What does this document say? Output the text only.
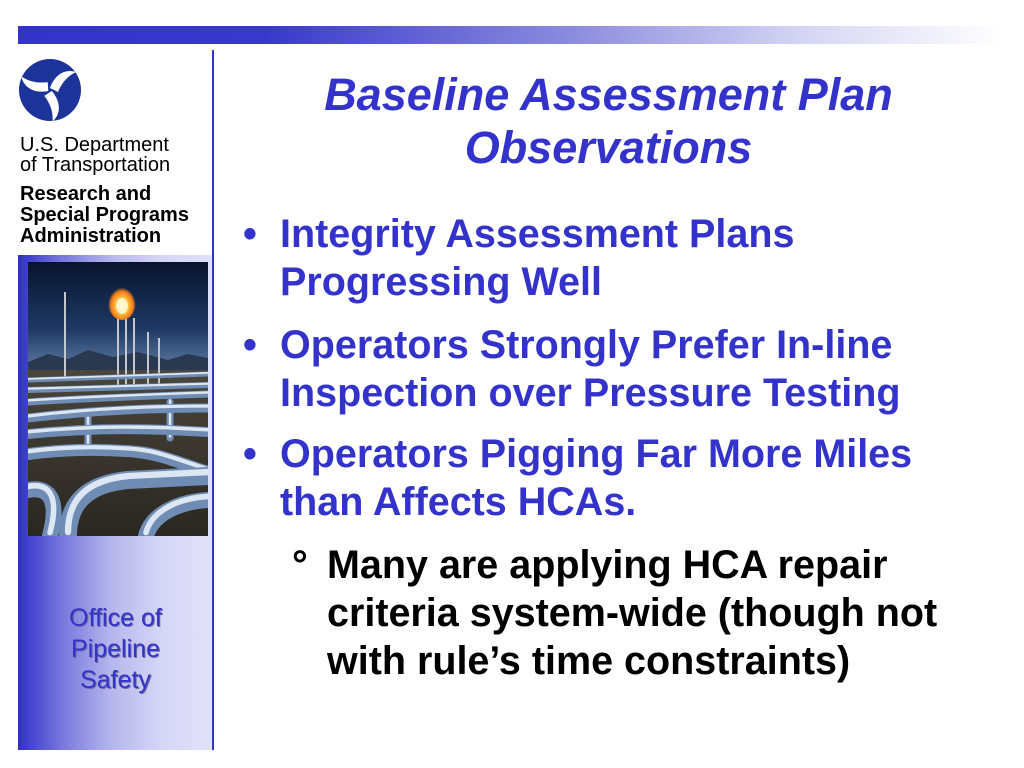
U.S. Department
of Transportation
Research and
Special Programs
Administration
Office of
Pipeline
Safety
Baseline Assessment Plan
Observations
• Integrity Assessment Plans
Progressing Well
• Operators Strongly Prefer In-line
Inspection over Pressure Testing
• Operators Pigging Far More Miles
than Affects HCAs.
° Many are applying HCA repair
criteria system-wide (though not
with rule’s time constraints)
